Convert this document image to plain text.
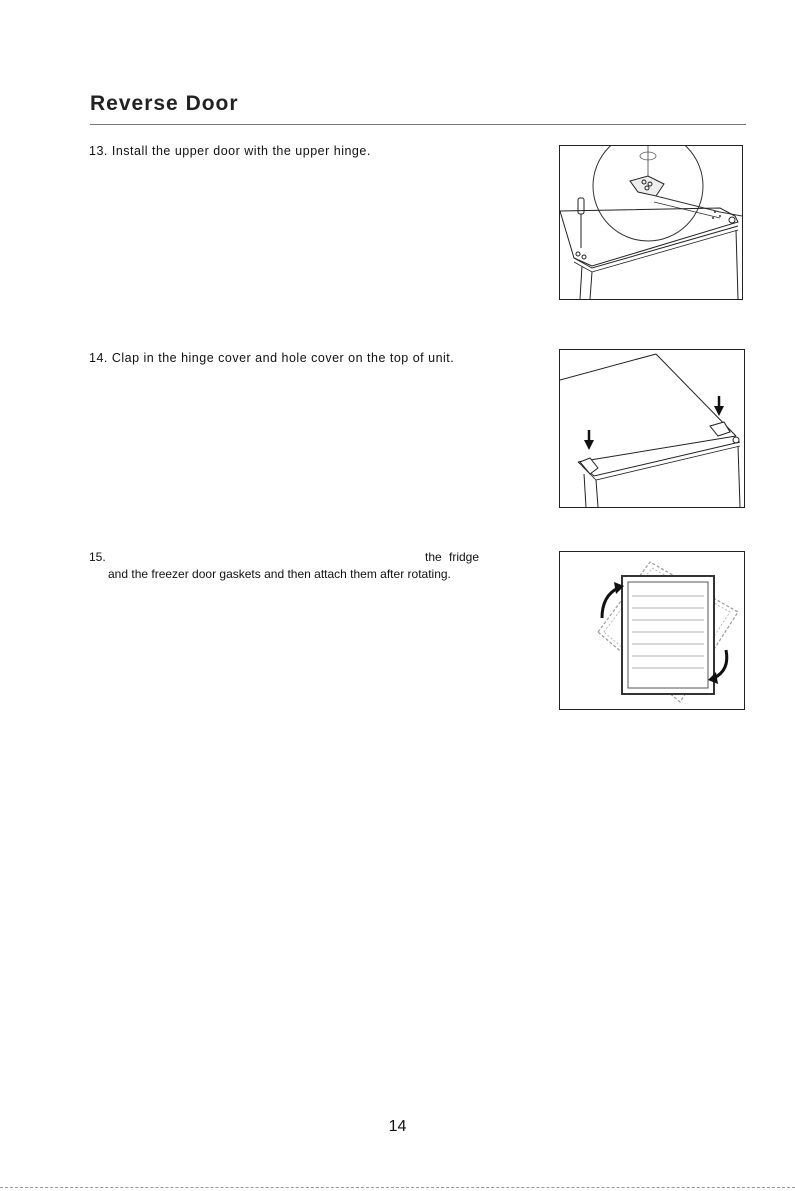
Reverse Door
13. Install the upper door with the upper hinge.
14. Clap in the hinge cover and hole cover on the top of unit.
15.	the fridge
and the freezer door gaskets and then attach them after rotating.
14
